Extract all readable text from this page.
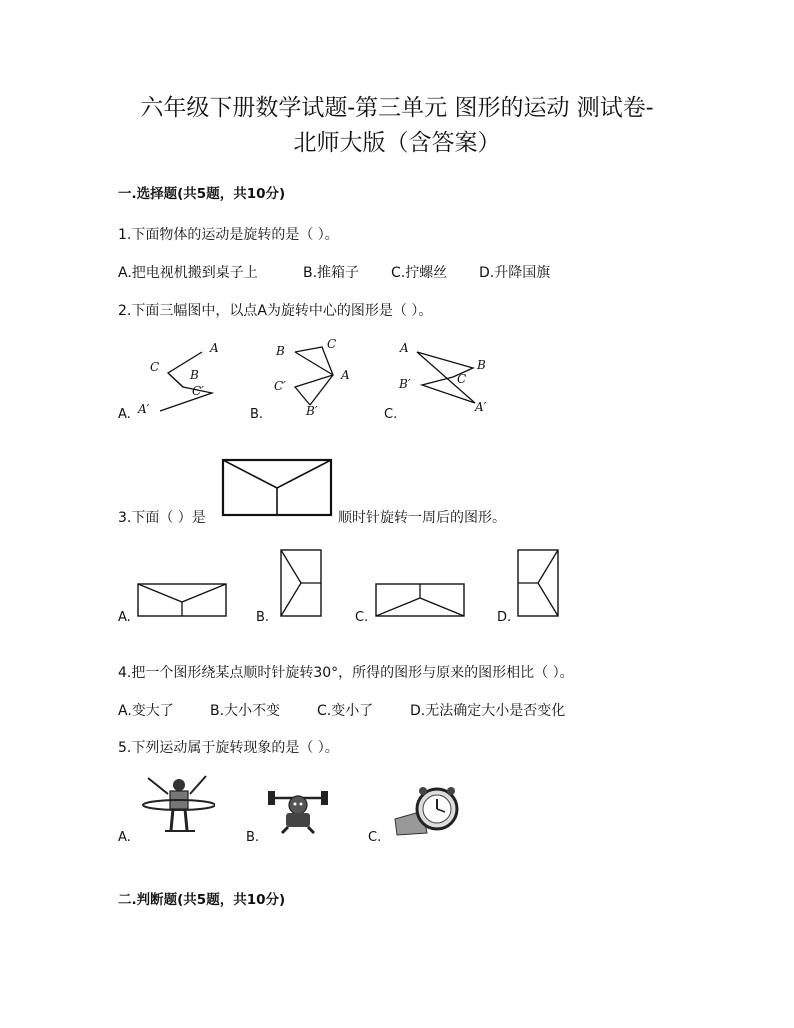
六年级下册数学试题-第三单元 图形的运动 测试卷-
北师大版（含答案）
一.选择题(共5题，共10分)
1.下面物体的运动是旋转的是（ ）。
A.把电视机搬到桌子上	B.推箱子 C.拧螺丝 D.升降国旗
2.下面三幅图中，以点A为旋转中心的图形是（ ）。
A.
A
C
B
C′
A′	B.
B	C
A
C′
B′	C.
A
B
C
B′
A′
3.下面（ ）是	顺时针旋转一周后的图形。
A.	B.	C.	D.
4.把一个图形绕某点顺时针旋转30°，所得的图形与原来的图形相比（ ）。
A.变大了	B.大小不变	C.变小了	D.无法确定大小是否变化
5.下列运动属于旋转现象的是（ ）。
A.	B.	C.
二.判断题(共5题，共10分)
